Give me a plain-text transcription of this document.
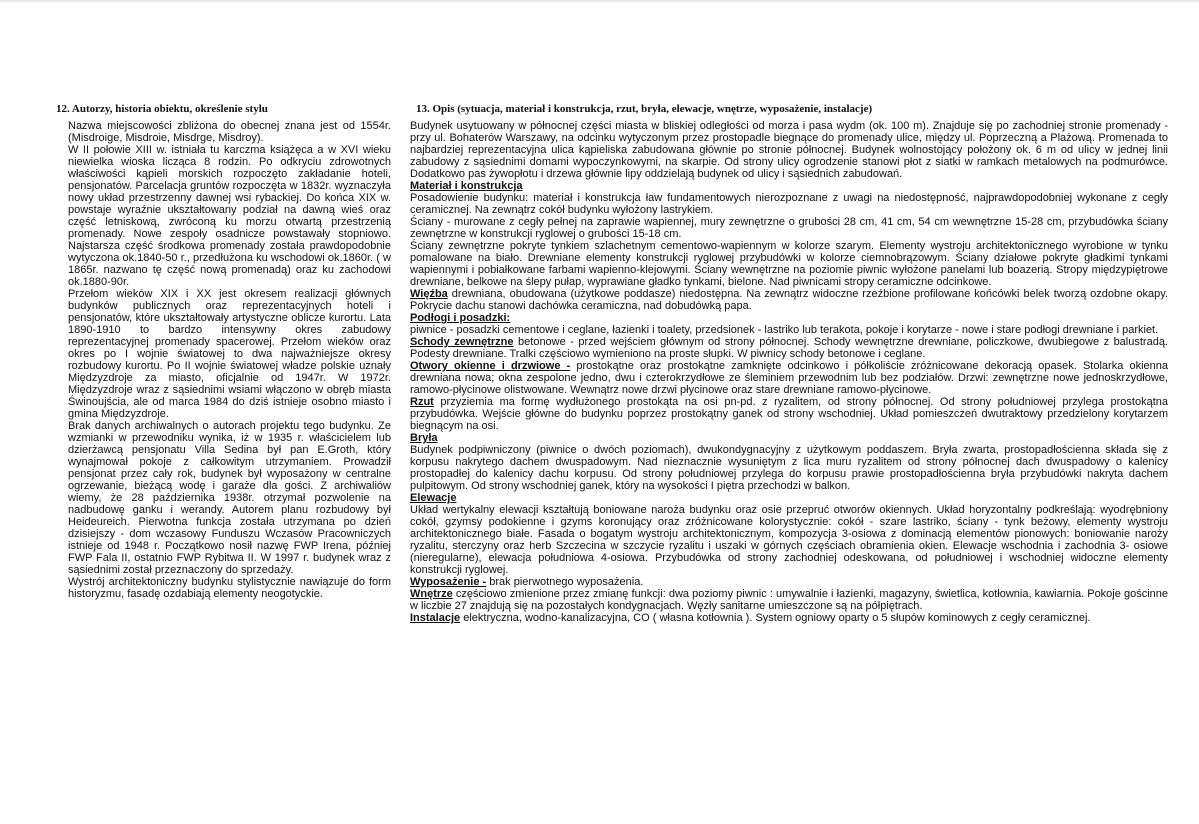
12. Autorzy, historia obiektu, określenie stylu

Nazwa miejscowości zbliżona do obecnej znana jest od 1554r. (Misdroige, Misdroie, Misdrge, Misdroy).

W II połowie XIII w. istniała tu karczma książęca a w XVI wieku niewielka wioska licząca 8 rodzin. Po odkryciu zdrowotnych właściwości kąpieli morskich rozpoczęto zakładanie hoteli, pensjonatów. Parcelacja gruntów rozpoczęta w 1832r. wyznaczyła nowy układ przestrzenny dawnej wsi rybackiej. Do końca XIX w. powstaje wyraźnie ukształtowany podział na dawną wieś oraz część letniskową, zwróconą ku morzu otwartą przestrzenią promenady. Nowe zespoły osadnicze powstawały stopniowo. Najstarsza część środkowa promenady została prawdopodobnie wytyczona ok.1840-50 r., przedłużona ku wschodowi ok.1860r. ( w 1865r. nazwano tę część nową promenadą) oraz ku zachodowi ok.1880-90r.

Przełom wieków XIX i XX jest okresem realizacji głównych budynków publicznych oraz reprezentacyjnych hoteli i pensjonatów, które ukształtowały artystyczne oblicze kurortu. Lata 1890-1910 to bardzo intensywny okres zabudowy reprezentacyjnej promenady spacerowej. Przełom wieków oraz okres po I wojnie światowej to dwa najważniejsze okresy rozbudowy kurortu. Po II wojnie światowej władze polskie uznały Międzyzdroje za miasto, oficjalnie od 1947r. W 1972r. Międzyzdroje wraz z sąsiednimi wsiami włączono w obręb miasta Świnoujścia, ale od marca 1984 do dziś istnieje osobno miasto i gmina Międzyzdroje.

Brak danych archiwalnych o autorach projektu tego budynku. Ze wzmianki w przewodniku wynika, iż w 1935 r. właścicielem lub dzierżawcą pensjonatu Villa Sedina był pan E.Groth, który wynajmował pokoje z całkowitym utrzymaniem. Prowadził pensjonat przez cały rok, budynek był wyposażony w centralne ogrzewanie, bieżącą wodę i garaże dla gości. Z archiwaliów wiemy, że 28 października 1938r. otrzymał pozwolenie na nadbudowę ganku i werandy. Autorem planu rozbudowy był Heideureich. Pierwotna funkcja została utrzymana po dzień dzisiejszy - dom wczasowy Funduszu Wczasów Pracowniczych istnieje od 1948 r. Początkowo nosił nazwę FWP Irena, później FWP Fala II, ostatnio FWP Rybitwa II. W 1997 r. budynek wraz z sąsiednimi został przeznaczony do sprzedaży.

Wystrój architektoniczny budynku stylistycznie nawiązuje do form historyzmu, fasadę ozdabiają elementy neogotyckie.

13. Opis (sytuacja, materiał i konstrukcja, rzut, bryła, elewacje, wnętrze, wyposażenie, instalacje)

Budynek usytuowany w północnej części miasta w bliskiej odległości od morza i pasa wydm (ok. 100 m). Znajduje się po zachodniej stronie promenady - przy ul. Bohaterów Warszawy, na odcinku wytyczonym przez prostopadle biegnące do promenady ulice, między ul. Poprzeczną a Plażową. Promenada to najbardziej reprezentacyjna ulica kąpieliska zabudowana głównie po stronie północnej. Budynek wolnostojący położony ok. 6 m od ulicy w jednej linii zabudowy z sąsiednimi domami wypoczynkowymi, na skarpie. Od strony ulicy ogrodzenie stanowi płot z siatki w ramkach metalowych na podmurówce. Dodatkowo pas żywopłotu i drzewa głównie lipy oddzielają budynek od ulicy i sąsiednich zabudowań.

Materiał i konstrukcja

Posadowienie budynku: materiał i konstrukcja ław fundamentowych nierozpoznane z uwagi na niedostępność, najprawdopodobniej wykonane z cegły ceramicznej. Na zewnątrz cokół budynku wyłożony lastrykiem.

Ściany - murowane z cegły pełnej na zaprawie wapiennej, mury zewnętrzne o grubości 28 cm, 41 cm, 54 cm wewnętrzne 15-28 cm, przybudówka ściany zewnętrzne w konstrukcji ryglowej o grubości 15-18 cm.

Ściany zewnętrzne pokryte tynkiem szlachetnym cementowo-wapiennym w kolorze szarym. Elementy wystroju architektonicznego wyrobione w tynku pomalowane na biało. Drewniane elementy konstrukcji ryglowej przybudówki w kolorze ciemnobrązowym. Ściany działowe pokryte gładkimi tynkami wapiennymi i pobiałkowane farbami wapienno-klejowymi. Ściany wewnętrzne na poziomie piwnic wyłożone panelami lub boazerią. Stropy międzypiętrowe drewniane, belkowe na ślepy pułap, wyprawiane gładko tynkami, bielone. Nad piwnicami stropy ceramiczne odcinkowe.

Więźba drewniana, obudowana (użytkowe poddasze) niedostępna. Na zewnątrz widoczne rzeźbione profilowane końcówki belek tworzą ozdobne okapy. Pokrycie dachu stanowi dachówka ceramiczna, nad dobudówką papa.

Podłogi i posadzki:

piwnice - posadzki cementowe i ceglane, łazienki i toalety, przedsionek - lastriko lub terakota, pokoje i korytarze - nowe i stare podłogi drewniane i parkiet.

Schody zewnętrzne betonowe - przed wejściem głównym od strony północnej. Schody wewnętrzne drewniane, policzkowe, dwubiegowe z balustradą. Podesty drewniane. Tralki częściowo wymieniono na proste słupki. W piwnicy schody betonowe i ceglane.

Otwory okienne i drzwiowe - prostokątne oraz prostokątne zamknięte odcinkowo i półkoliście zróżnicowane dekoracją opasek. Stolarka okienna drewniana nowa; okna zespolone jedno, dwu i czterokrzydłowe ze śleminiem przewodnim lub bez podziałów. Drzwi: zewnętrzne nowe jednoskrzydłowe, ramowo-płycinowe olistwowane. Wewnątrz nowe drzwi płycinowe oraz stare drewniane ramowo-płycinowe.

Rzut przyziemia ma formę wydłużonego prostokąta na osi pn-pd. z ryzalitem, od strony północnej. Od strony południowej przylega prostokątna przybudówka. Wejście główne do budynku poprzez prostokątny ganek od strony wschodniej. Układ pomieszczeń dwutraktowy przedzielony korytarzem biegnącym na osi.

Bryła

Budynek podpiwniczony (piwnice o dwóch poziomach), dwukondygnacyjny z użytkowym poddaszem. Bryła zwarta, prostopadłościenna składa się z korpusu nakrytego dachem dwuspadowym. Nad nieznacznie wysuniętym z lica muru ryzalitem od strony północnej dach dwuspadowy o kalenicy prostopadłej do kalenicy dachu korpusu. Od strony południowej przylega do korpusu prawie prostopadłościenna bryła przybudówki nakryta dachem pulpitowym. Od strony wschodniej ganek, który na wysokości I piętra przechodzi w balkon.

Elewacje

Układ wertykalny elewacji kształtują boniowane naroża budynku oraz osie przepruć otworów okiennych. Układ horyzontalny podkreślają: wyodrębniony cokół, gzymsy podokienne i gzyms koronujący oraz zróżnicowane kolorystycznie: cokół - szare lastriko, ściany - tynk beżowy, elementy wystroju architektonicznego białe. Fasada o bogatym wystroju architektonicznym, kompozycja 3-osiowa z dominacją elementów pionowych: boniowanie naroży ryzalitu, sterczyny oraz herb Szczecina w szczycie ryzalitu i uszaki w górnych częściach obramienia okien. Elewacje wschodnia i zachodnia 3- osiowe (nieregularne), elewacja południowa 4-osiowa. Przybudówka od strony zachodniej odeskowana, od południowej i wschodniej widoczne elementy konstrukcji ryglowej.

Wyposażenie - brak pierwotnego wyposażenia.

Wnętrze częściowo zmienione przez zmianę funkcji: dwa poziomy piwnic : umywalnie i łazienki, magazyny, świetlica, kotłownia, kawiarnia. Pokoje gościnne w liczbie 27 znajdują się na pozostałych kondygnacjach. Węzły sanitarne umieszczone są na półpiętrach.

Instalacje elektryczna, wodno-kanalizacyjna, CO ( własna kotłownia ). System ogniowy oparty o 5 słupów kominowych z cegły ceramicznej.
